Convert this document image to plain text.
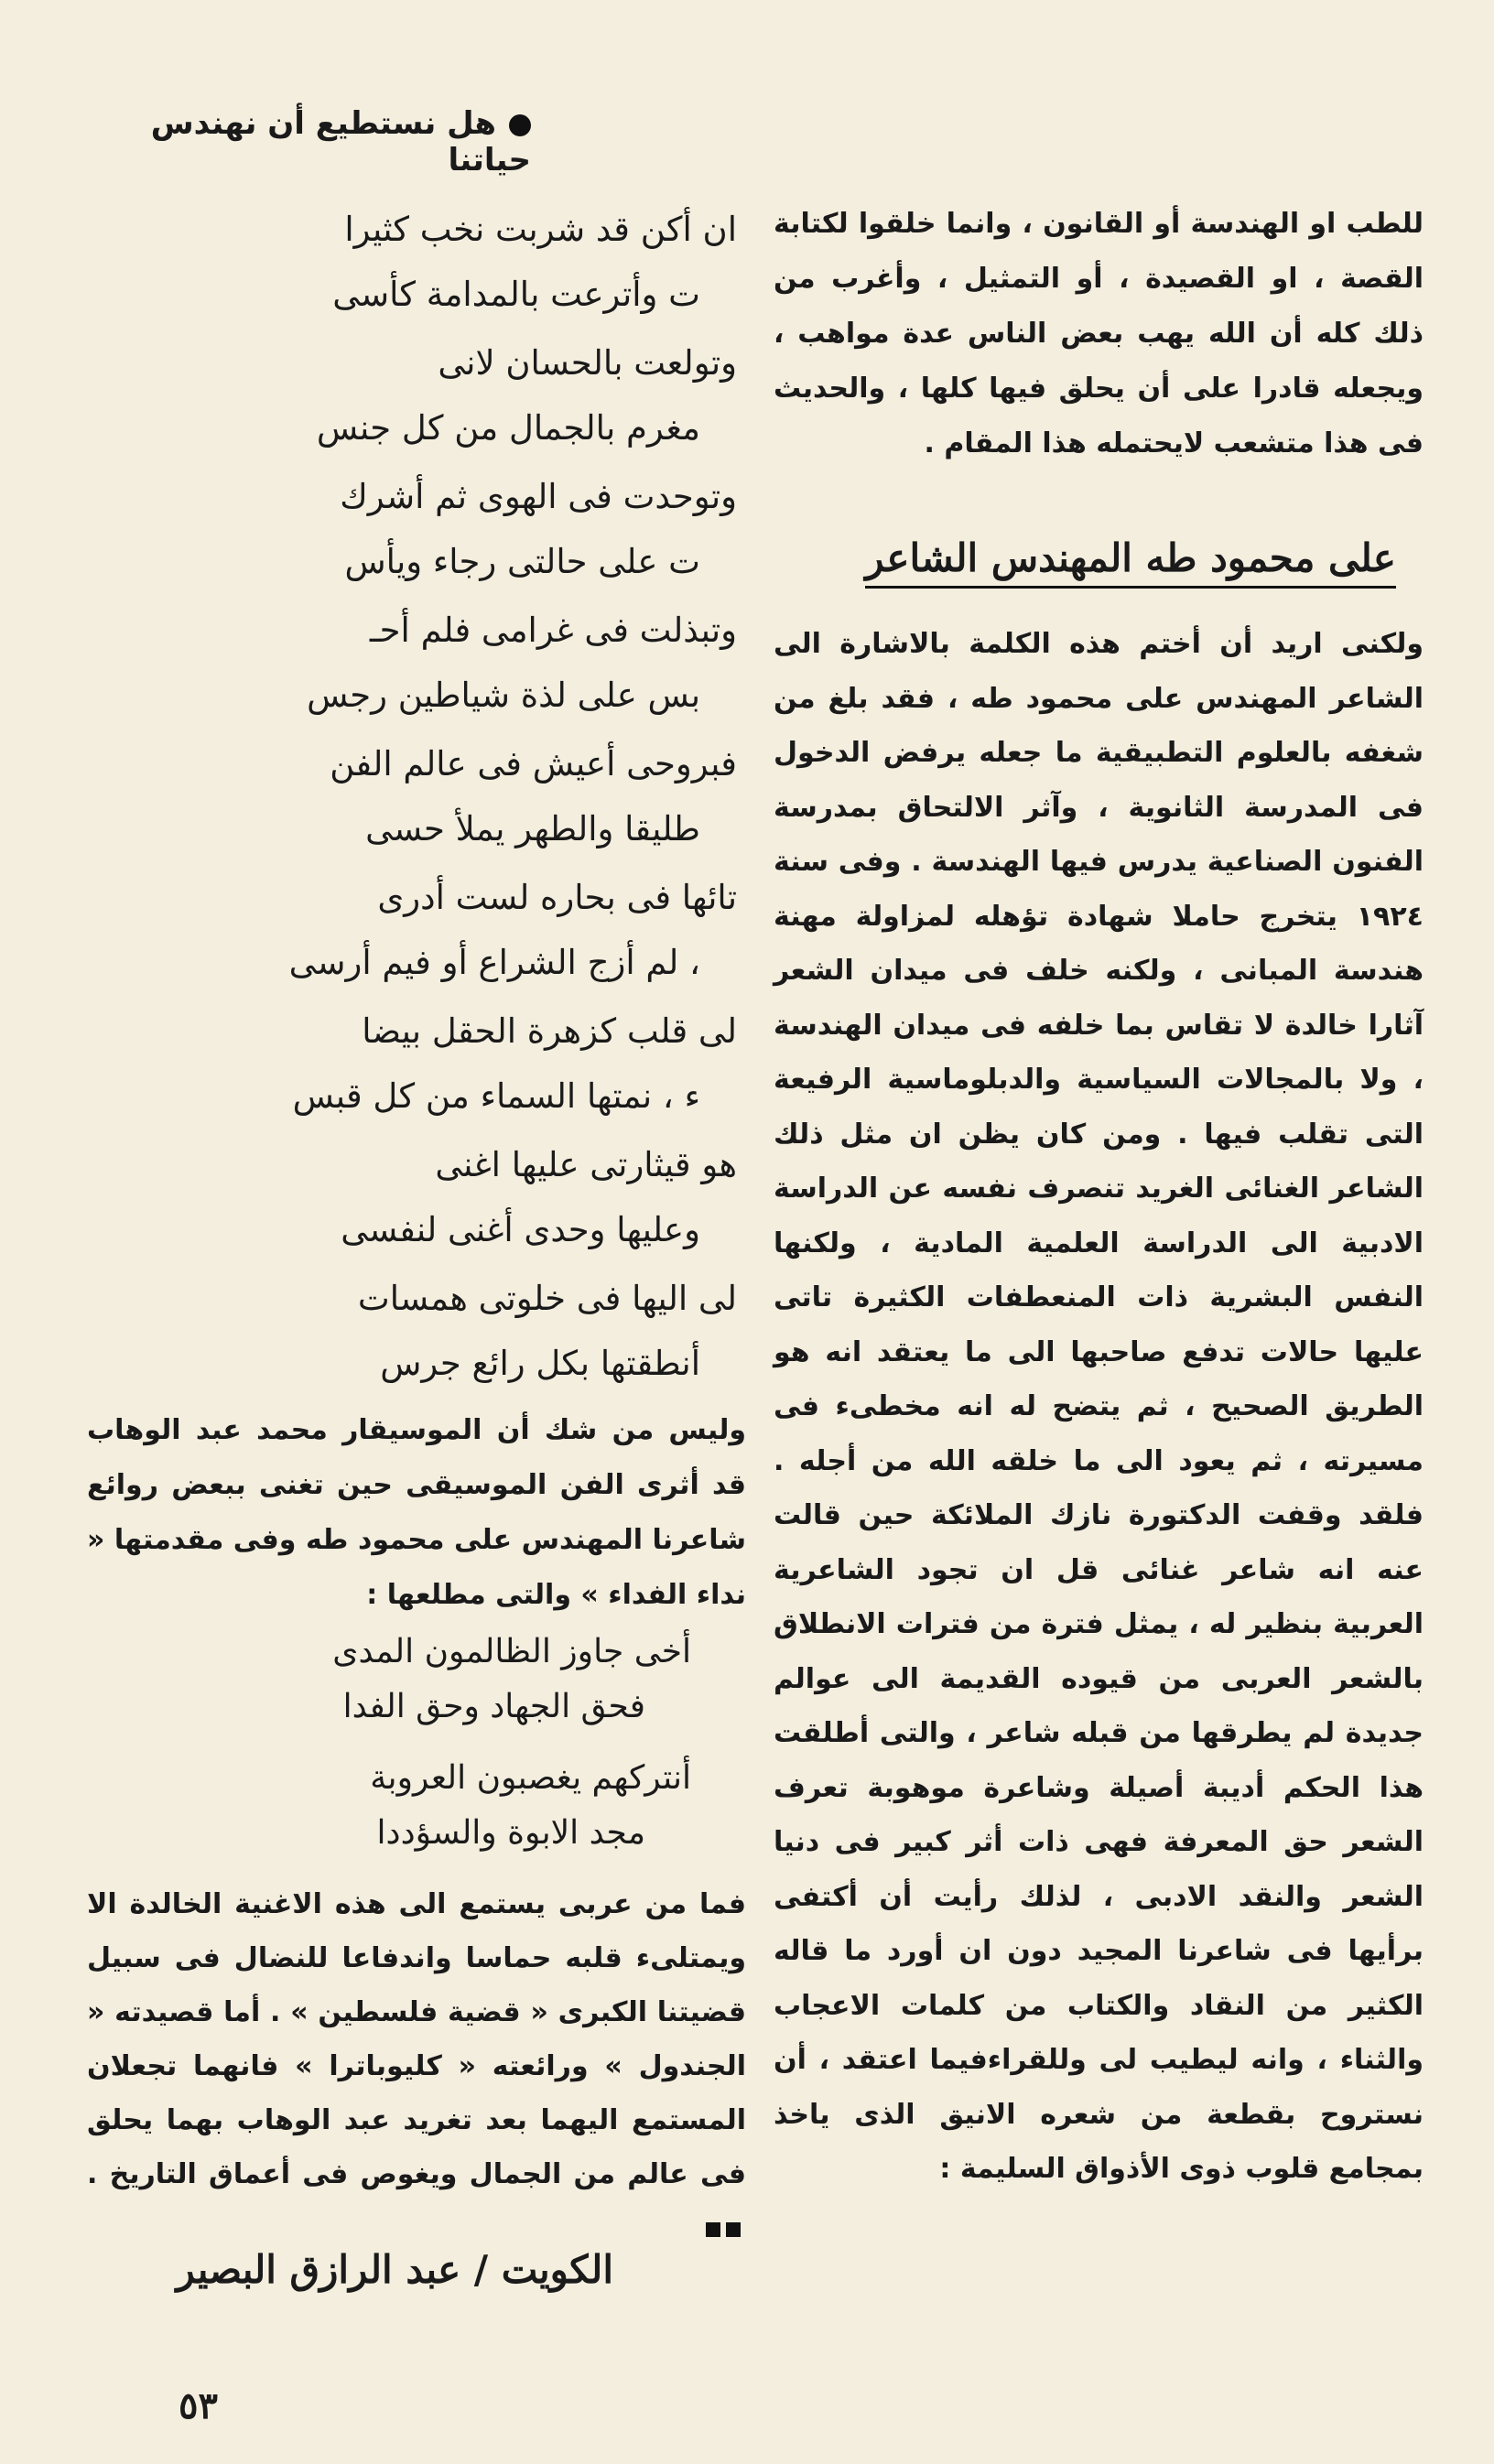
هل نستطيع أن نهندس حياتنا

للطب او الهندسة أو القانون ، وانما خلقوا لكتابة القصة ، او القصيدة ، أو التمثيل ، وأغرب من ذلك كله أن الله يهب بعض الناس عدة مواهب ، ويجعله قادرا على أن يحلق فيها كلها ، والحديث فى هذا متشعب لايحتمله هذا المقام .

على محمود طه المهندس الشاعر

ولكنى اريد أن أختم هذه الكلمة بالاشارة الى الشاعر المهندس على محمود طه ، فقد بلغ من شغفه بالعلوم التطبيقية ما جعله يرفض الدخول فى المدرسة الثانوية ، وآثر الالتحاق بمدرسة الفنون الصناعية يدرس فيها الهندسة . وفى سنة ١٩٢٤ يتخرج حاملا شهادة تؤهله لمزاولة مهنة هندسة المبانى ، ولكنه خلف فى ميدان الشعر آثارا خالدة لا تقاس بما خلفه فى ميدان الهندسة ، ولا بالمجالات السياسية والدبلوماسية الرفيعة التى تقلب فيها . ومن كان يظن ان مثل ذلك الشاعر الغنائى الغريد تنصرف نفسه عن الدراسة الادبية الى الدراسة العلمية المادية ، ولكنها النفس البشرية ذات المنعطفات الكثيرة تاتى عليها حالات تدفع صاحبها الى ما يعتقد انه هو الطريق الصحيح ، ثم يتضح له انه مخطىء فى مسيرته ، ثم يعود الى ما خلقه الله من أجله . فلقد وقفت الدكتورة نازك الملائكة حين قالت عنه انه شاعر غنائى قل ان تجود الشاعرية العربية بنظير له ، يمثل فترة من فترات الانطلاق بالشعر العربى من قيوده القديمة الى عوالم جديدة لم يطرقها من قبله شاعر ، والتى أطلقت هذا الحكم أديبة أصيلة وشاعرة موهوبة تعرف الشعر حق المعرفة فهى ذات أثر كبير فى دنيا الشعر والنقد الادبى ، لذلك رأيت أن أكتفى برأيها فى شاعرنا المجيد دون ان أورد ما قاله الكثير من النقاد والكتاب من كلمات الاعجاب والثناء ، وانه ليطيب لى وللقراءفيما اعتقد ، أن نستروح بقطعة من شعره الانيق الذى ياخذ بمجامع قلوب ذوى الأذواق السليمة :

ان أكن قد شربت نخب كثيرا
ت وأترعت بالمدامة كأسى
وتولعت بالحسان لانى
مغرم بالجمال من كل جنس
وتوحدت فى الهوى ثم أشرك
ت على حالتى رجاء ويأس
وتبذلت فى غرامى فلم أحـ
بس على لذة شياطين رجس
فبروحى أعيش فى عالم الفن
طليقا والطهر يملأ حسى
تائها فى بحاره لست أدرى
، لم أزج الشراع أو فيم أرسى
لى قلب كزهرة الحقل بيضا
ء ، نمتها السماء من كل قبس
هو قيثارتى عليها اغنى
وعليها وحدى أغنى لنفسى
لى اليها فى خلوتى همسات
أنطقتها بكل رائع جرس

وليس من شك أن الموسيقار محمد عبد الوهاب قد أثرى الفن الموسيقى حين تغنى ببعض روائع شاعرنا المهندس على محمود طه وفى مقدمتها « نداء الفداء » والتى مطلعها :

أخى جاوز الظالمون المدى
فحق الجهاد وحق الفدا
أنتركهم يغصبون العروبة
مجد الابوة والسؤددا

فما من عربى يستمع الى هذه الاغنية الخالدة الا ويمتلىء قلبه حماسا واندفاعا للنضال فى سبيل قضيتنا الكبرى « قضية فلسطين » . أما قصيدته « الجندول » ورائعته « كليوباترا » فانهما تجعلان المستمع اليهما بعد تغريد عبد الوهاب بهما يحلق فى عالم من الجمال ويغوص فى أعماق التاريخ .

الكويت / عبد الرازق البصير
٥٣
